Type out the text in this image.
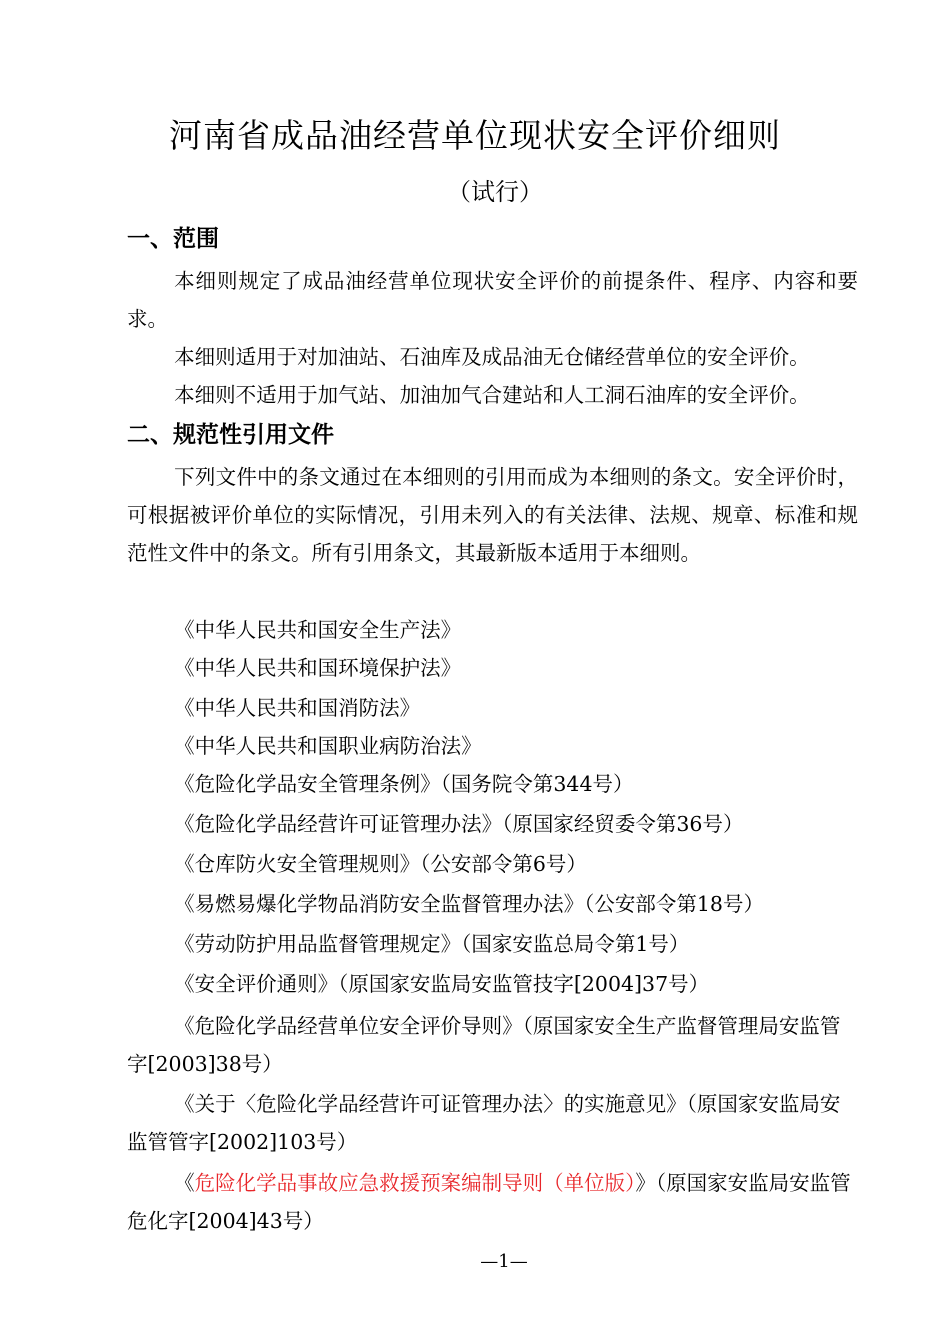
河南省成品油经营单位现状安全评价细则
（试行）
一、范围
本细则规定了成品油经营单位现状安全评价的前提条件、程序、内容和要求。
本细则适用于对加油站、石油库及成品油无仓储经营单位的安全评价。
本细则不适用于加气站、加油加气合建站和人工洞石油库的安全评价。
二、规范性引用文件
下列文件中的条文通过在本细则的引用而成为本细则的条文。安全评价时，可根据被评价单位的实际情况，引用未列入的有关法律、法规、规章、标准和规范性文件中的条文。所有引用条文，其最新版本适用于本细则。
《中华人民共和国安全生产法》
《中华人民共和国环境保护法》
《中华人民共和国消防法》
《中华人民共和国职业病防治法》
《危险化学品安全管理条例》（国务院令第344号）
《危险化学品经营许可证管理办法》（原国家经贸委令第36号）
《仓库防火安全管理规则》（公安部令第6号）
《易燃易爆化学物品消防安全监督管理办法》（公安部令第18号）
《劳动防护用品监督管理规定》（国家安监总局令第1号）
《安全评价通则》（原国家安监局安监管技字[2004]37号）
《危险化学品经营单位安全评价导则》（原国家安全生产监督管理局安监管字[2003]38号）
《关于〈危险化学品经营许可证管理办法〉的实施意见》（原国家安监局安监管管字[2002]103号）
《危险化学品事故应急救援预案编制导则（单位版）》（原国家安监局安监管危化字[2004]43号）
—1—
